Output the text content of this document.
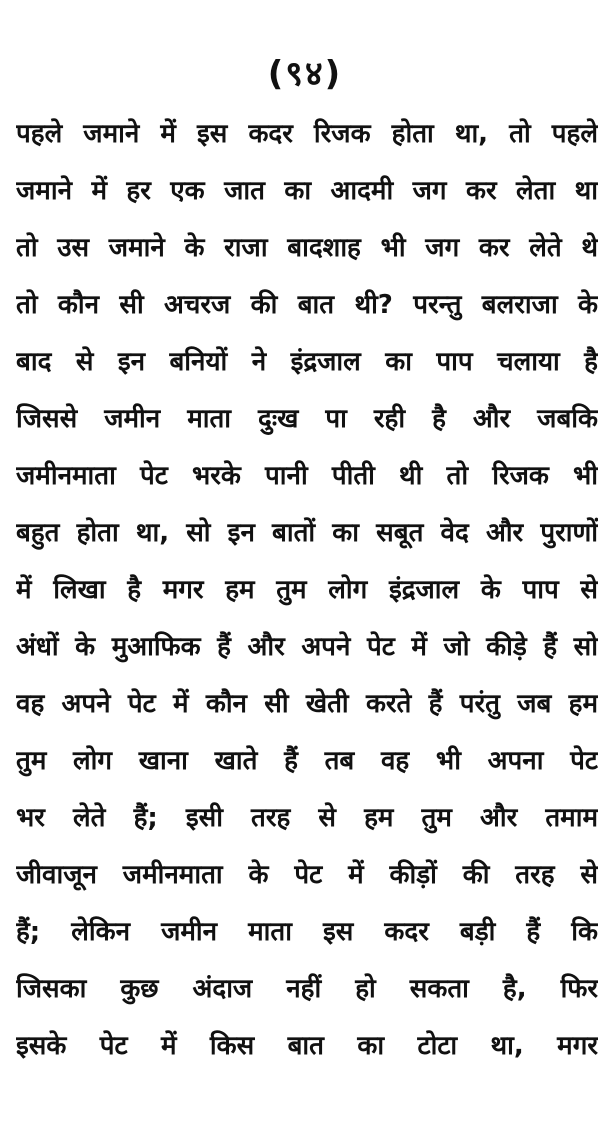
(९४)
पहले जमाने में इस कदर रिजक होता था, तो पहले
जमाने में हर एक जात का आदमी जग कर लेता था
तो उस जमाने के राजा बादशाह भी जग कर लेते थे
तो कौन सी अचरज की बात थी? परन्तु बलराजा के
बाद से इन बनियों ने इंद्रजाल का पाप चलाया है
जिससे जमीन माता दुःख पा रही है और जबकि
जमीनमाता पेट भरके पानी पीती थी तो रिजक भी
बहुत होता था, सो इन बातों का सबूत वेद और पुराणों
में लिखा है मगर हम तुम लोग इंद्रजाल के पाप से
अंधों के मुआफिक हैं और अपने पेट में जो कीड़े हैं सो
वह अपने पेट में कौन सी खेती करते हैं परंतु जब हम
तुम लोग खाना खाते हैं तब वह भी अपना पेट
भर लेते हैं; इसी तरह से हम तुम और तमाम
जीवाजून जमीनमाता के पेट में कीड़ों की तरह से
हैं; लेकिन जमीन माता इस कदर बड़ी हैं कि
जिसका कुछ अंदाज नहीं हो सकता है, फिर
इसके पेट में किस बात का टोटा था, मगर
